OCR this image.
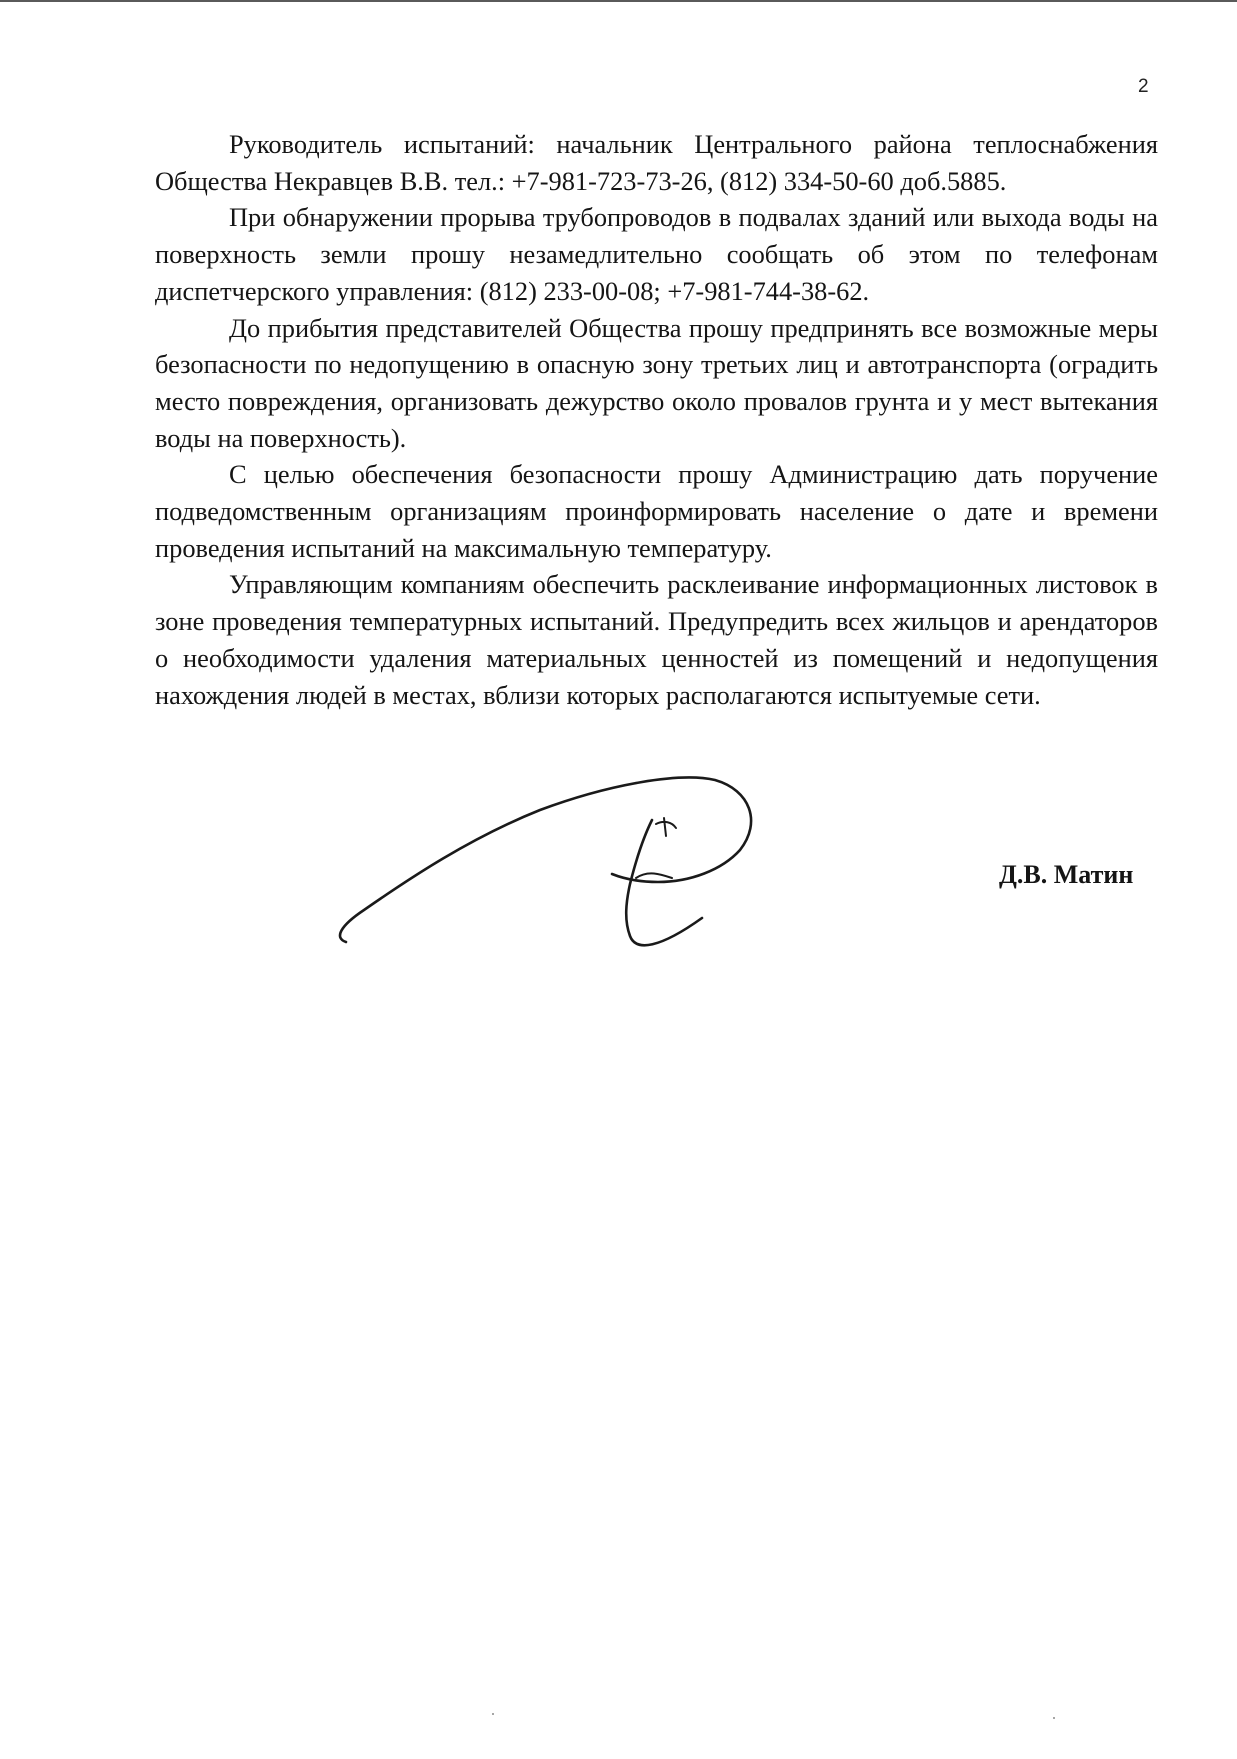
2

Руководитель испытаний: начальник Центрального района теплоснабжения Общества Некравцев В.В. тел.: +7-981-723-73-26, (812) 334-50-60 доб.5885.

При обнаружении прорыва трубопроводов в подвалах зданий или выхода воды на поверхность земли прошу незамедлительно сообщать об этом по телефонам диспетчерского управления: (812) 233-00-08; +7-981-744-38-62.

До прибытия представителей Общества прошу предпринять все возможные меры безопасности по недопущению в опасную зону третьих лиц и автотранспорта (оградить место повреждения, организовать дежурство около провалов грунта и у мест вытекания воды на поверхность).

С целью обеспечения безопасности прошу Администрацию дать поручение подведомственным организациям проинформировать население о дате и времени проведения испытаний на максимальную температуру.

Управляющим компаниям обеспечить расклеивание информационных листовок в зоне проведения температурных испытаний. Предупредить всех жильцов и арендаторов о необходимости удаления материальных ценностей из помещений и недопущения нахождения людей в местах, вблизи которых располагаются испытуемые сети.

Д.В. Матин
